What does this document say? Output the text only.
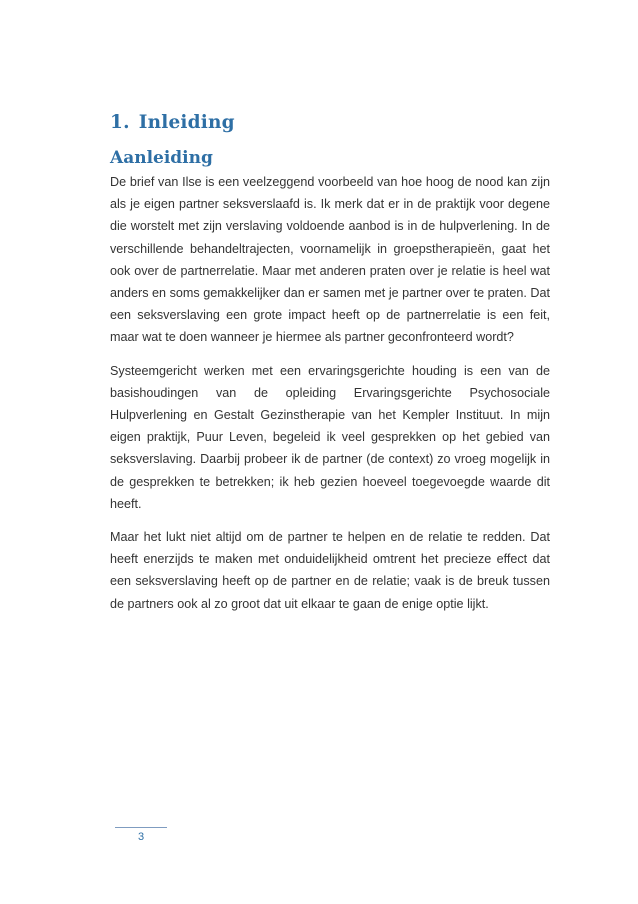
1. Inleiding
Aanleiding

De brief van Ilse is een veelzeggend voorbeeld van hoe hoog de nood kan zijn als je eigen partner seksverslaafd is. Ik merk dat er in de praktijk voor degene die worstelt met zijn verslaving voldoende aanbod is in de hulpverlening. In de verschillende behandeltrajecten, voornamelijk in groepstherapieën, gaat het ook over de partnerrelatie. Maar met anderen praten over je relatie is heel wat anders en soms gemakkelijker dan er samen met je partner over te praten. Dat een seksverslaving een grote impact heeft op de partnerrelatie is een feit, maar wat te doen wanneer je hiermee als partner geconfronteerd wordt?

Systeemgericht werken met een ervaringsgerichte houding is een van de basishoudingen van de opleiding Ervaringsgerichte Psychosociale Hulpverlening en Gestalt Gezinstherapie van het Kempler Instituut. In mijn eigen praktijk, Puur Leven, begeleid ik veel gesprekken op het gebied van seksverslaving. Daarbij probeer ik de partner (de context) zo vroeg mogelijk in de gesprekken te betrekken; ik heb gezien hoeveel toegevoegde waarde dit heeft.

Maar het lukt niet altijd om de partner te helpen en de relatie te redden. Dat heeft enerzijds te maken met onduidelijkheid omtrent het precieze effect dat een seksverslaving heeft op de partner en de relatie; vaak is de breuk tussen de partners ook al zo groot dat uit elkaar te gaan de enige optie lijkt.

3
